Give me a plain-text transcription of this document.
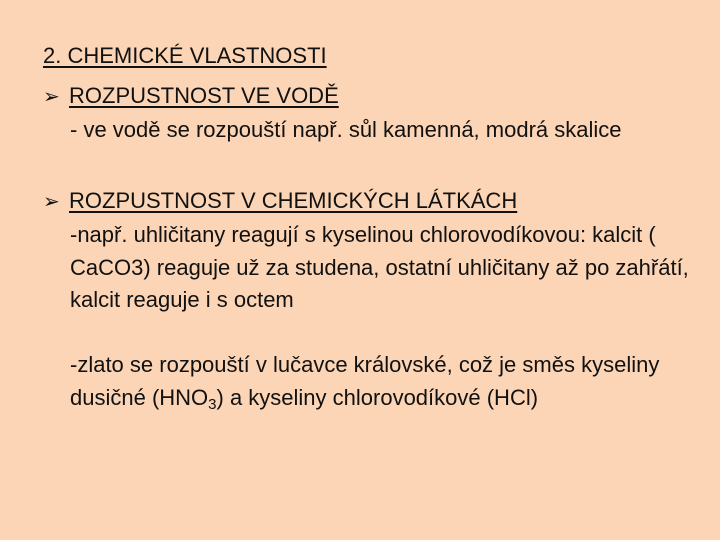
2. CHEMICKÉ VLASTNOSTI
➢ ROZPUSTNOST VE VODĚ

- ve vodě se rozpouští např. sůl kamenná, modrá skalice

➢ ROZPUSTNOST V CHEMICKÝCH LÁTKÁCH

-např. uhličitany reagují s kyselinou chlorovodíkovou: kalcit ( CaCO3) reaguje už za studena, ostatní uhličitany až po zahřátí, kalcit reaguje i s octem

-zlato se rozpouští v lučavce královské, což je směs kyseliny dusičné $(HNO_3)$ a kyseliny chlorovodíkové (HCl)
